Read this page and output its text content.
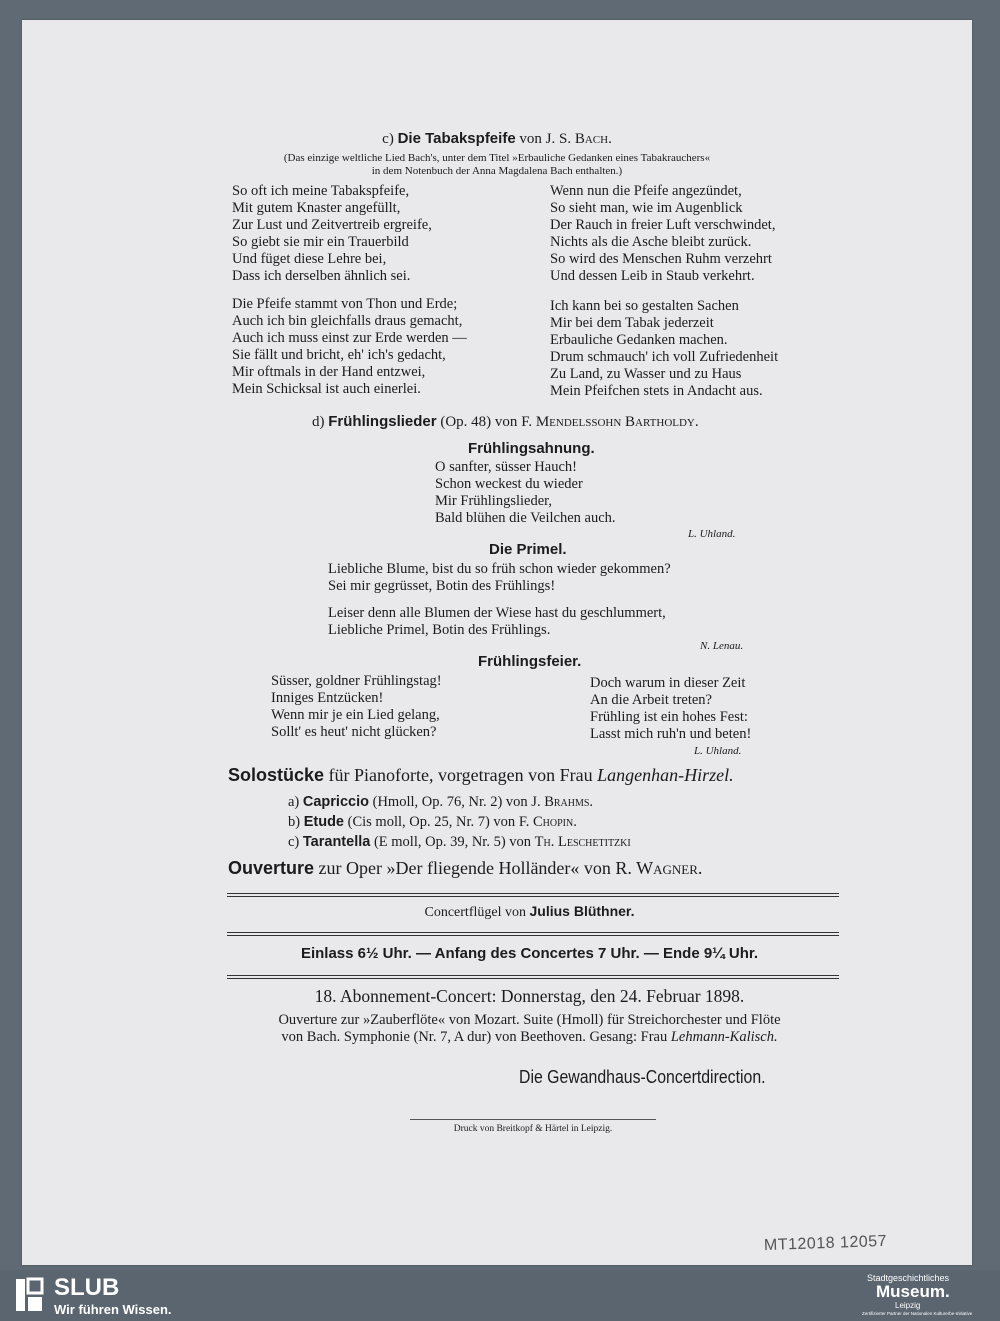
c) Die Tabakspfeife von J. S. Bach.
(Das einzige weltliche Lied Bach's, unter dem Titel »Erbauliche Gedanken eines Tabakrauchers«
in dem Notenbuch der Anna Magdalena Bach enthalten.)
So oft ich meine Tabakspfeife,
Mit gutem Knaster angefüllt,
Zur Lust und Zeitvertreib ergreife,
So giebt sie mir ein Trauerbild
Und füget diese Lehre bei,
Dass ich derselben ähnlich sei.
Die Pfeife stammt von Thon und Erde;
Auch ich bin gleichfalls draus gemacht,
Auch ich muss einst zur Erde werden —
Sie fällt und bricht, eh' ich's gedacht,
Mir oftmals in der Hand entzwei,
Mein Schicksal ist auch einerlei.
Wenn nun die Pfeife angezündet,
So sieht man, wie im Augenblick
Der Rauch in freier Luft verschwindet,
Nichts als die Asche bleibt zurück.
So wird des Menschen Ruhm verzehrt
Und dessen Leib in Staub verkehrt.
Ich kann bei so gestalten Sachen
Mir bei dem Tabak jederzeit
Erbauliche Gedanken machen.
Drum schmauch' ich voll Zufriedenheit
Zu Land, zu Wasser und zu Haus
Mein Pfeifchen stets in Andacht aus.
d) Frühlingslieder (Op. 48) von F. Mendelssohn Bartholdy.
Frühlingsahnung.
O sanfter, süsser Hauch!
Schon weckest du wieder
Mir Frühlingslieder,
Bald blühen die Veilchen auch.
L. Uhland.
Die Primel.
Liebliche Blume, bist du so früh schon wieder gekommen?
Sei mir gegrüsset, Botin des Frühlings!
Leiser denn alle Blumen der Wiese hast du geschlummert,
Liebliche Primel, Botin des Frühlings.
N. Lenau.
Frühlingsfeier.
Süsser, goldner Frühlingstag!
Inniges Entzücken!
Wenn mir je ein Lied gelang,
Sollt' es heut' nicht glücken?
Doch warum in dieser Zeit
An die Arbeit treten?
Frühling ist ein hohes Fest:
Lasst mich ruh'n und beten!
L. Uhland.
Solostücke für Pianoforte, vorgetragen von Frau Langenhan-Hirzel.
a) Capriccio (Hmoll, Op. 76, Nr. 2) von J. Brahms.
b) Etude (Cis moll, Op. 25, Nr. 7) von F. Chopin.
c) Tarantella (E moll, Op. 39, Nr. 5) von Th. Leschetitzki
Ouverture zur Oper »Der fliegende Holländer« von R. Wagner.
Concertflügel von Julius Blüthner.
Einlass 6½ Uhr. — Anfang des Concertes 7 Uhr. — Ende 9¼ Uhr.
18. Abonnement-Concert: Donnerstag, den 24. Februar 1898.
Ouverture zur »Zauberflöte« von Mozart. Suite (Hmoll) für Streichorchester und Flöte
von Bach. Symphonie (Nr. 7, A dur) von Beethoven. Gesang: Frau Lehmann-Kalisch.
Die Gewandhaus-Concertdirection.
Druck von Breitkopf & Härtel in Leipzig.
MT12018 12057
SLUB
Wir führen Wissen.
Stadtgeschichtliches
Museum.
Leipzig
Zertifizierter Partner der Nationalen Kulturerbe-Initiative
